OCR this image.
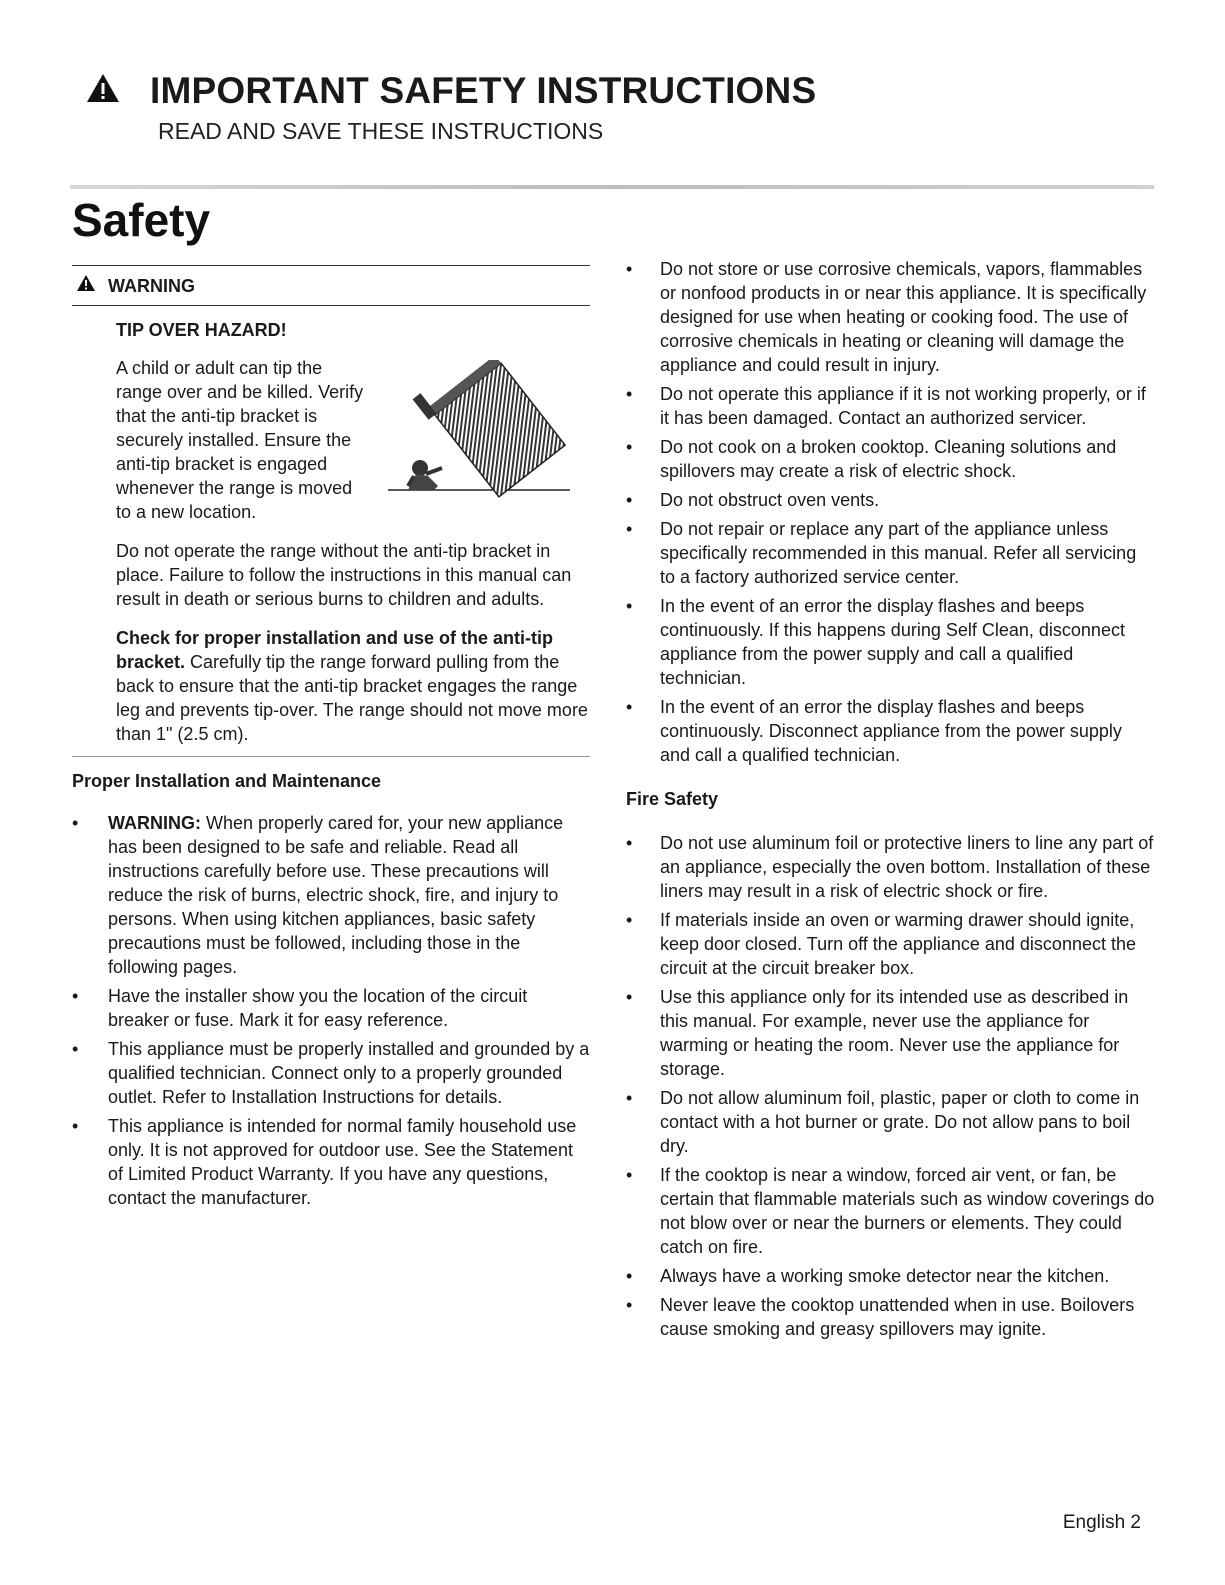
IMPORTANT SAFETY INSTRUCTIONS
READ AND SAVE THESE INSTRUCTIONS
Safety
WARNING
TIP OVER HAZARD!
A child or adult can tip the range over and be killed. Verify that the anti-tip bracket is securely installed. Ensure the anti-tip bracket is engaged whenever the range is moved to a new location.
Do not operate the range without the anti-tip bracket in place. Failure to follow the instructions in this manual can result in death or serious burns to children and adults.
Check for proper installation and use of the anti-tip bracket. Carefully tip the range forward pulling from the back to ensure that the anti-tip bracket engages the range leg and prevents tip-over. The range should not move more than 1" (2.5 cm).
Proper Installation and Maintenance
• WARNING: When properly cared for, your new appliance has been designed to be safe and reliable. Read all instructions carefully before use. These precautions will reduce the risk of burns, electric shock, fire, and injury to persons. When using kitchen appliances, basic safety precautions must be followed, including those in the following pages.
• Have the installer show you the location of the circuit breaker or fuse. Mark it for easy reference.
• This appliance must be properly installed and grounded by a qualified technician. Connect only to a properly grounded outlet. Refer to Installation Instructions for details.
• This appliance is intended for normal family household use only. It is not approved for outdoor use. See the Statement of Limited Product Warranty. If you have any questions, contact the manufacturer.
• Do not store or use corrosive chemicals, vapors, flammables or nonfood products in or near this appliance. It is specifically designed for use when heating or cooking food. The use of corrosive chemicals in heating or cleaning will damage the appliance and could result in injury.
• Do not operate this appliance if it is not working properly, or if it has been damaged. Contact an authorized servicer.
• Do not cook on a broken cooktop. Cleaning solutions and spillovers may create a risk of electric shock.
• Do not obstruct oven vents.
• Do not repair or replace any part of the appliance unless specifically recommended in this manual. Refer all servicing to a factory authorized service center.
• In the event of an error the display flashes and beeps continuously. If this happens during Self Clean, disconnect appliance from the power supply and call a qualified technician.
• In the event of an error the display flashes and beeps continuously. Disconnect appliance from the power supply and call a qualified technician.
Fire Safety
• Do not use aluminum foil or protective liners to line any part of an appliance, especially the oven bottom. Installation of these liners may result in a risk of electric shock or fire.
• If materials inside an oven or warming drawer should ignite, keep door closed. Turn off the appliance and disconnect the circuit at the circuit breaker box.
• Use this appliance only for its intended use as described in this manual. For example, never use the appliance for warming or heating the room. Never use the appliance for storage.
• Do not allow aluminum foil, plastic, paper or cloth to come in contact with a hot burner or grate. Do not allow pans to boil dry.
• If the cooktop is near a window, forced air vent, or fan, be certain that flammable materials such as window coverings do not blow over or near the burners or elements. They could catch on fire.
• Always have a working smoke detector near the kitchen.
• Never leave the cooktop unattended when in use. Boilovers cause smoking and greasy spillovers may ignite.
English 2
